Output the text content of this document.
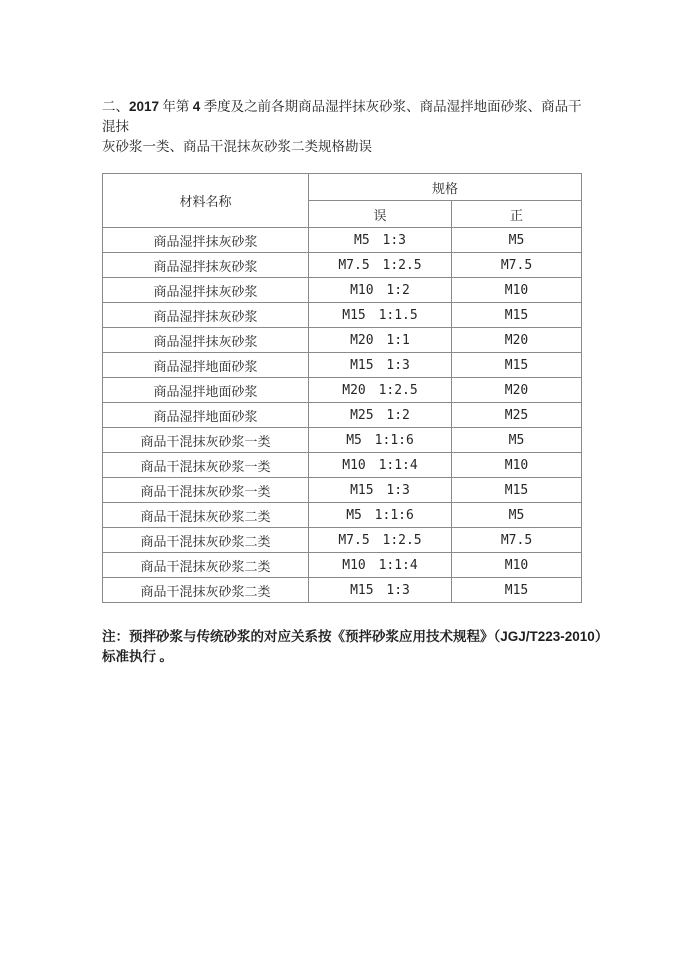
二、2017 年第 4 季度及之前各期商品湿拌抹灰砂浆、商品湿拌地面砂浆、商品干混抹
灰砂浆一类、商品干混抹灰砂浆二类规格勘误

材料名称	规格	
	误	正
商品湿拌抹灰砂浆	M5 1:3	M5
商品湿拌抹灰砂浆	M7.5 1:2.5	M7.5
商品湿拌抹灰砂浆	M10 1:2	M10
商品湿拌抹灰砂浆	M15 1:1.5	M15
商品湿拌抹灰砂浆	M20 1:1	M20
商品湿拌地面砂浆	M15 1:3	M15
商品湿拌地面砂浆	M20 1:2.5	M20
商品湿拌地面砂浆	M25 1:2	M25
商品干混抹灰砂浆一类	M5 1:1:6	M5
商品干混抹灰砂浆一类	M10 1:1:4	M10
商品干混抹灰砂浆一类	M15 1:3	M15
商品干混抹灰砂浆二类	M5 1:1:6	M5
商品干混抹灰砂浆二类	M7.5 1:2.5	M7.5
商品干混抹灰砂浆二类	M10 1:1:4	M10
商品干混抹灰砂浆二类	M15 1:3	M15

注：预拌砂浆与传统砂浆的对应关系按《预拌砂浆应用技术规程》（JGJ/T223-2010）
标准执行 。
